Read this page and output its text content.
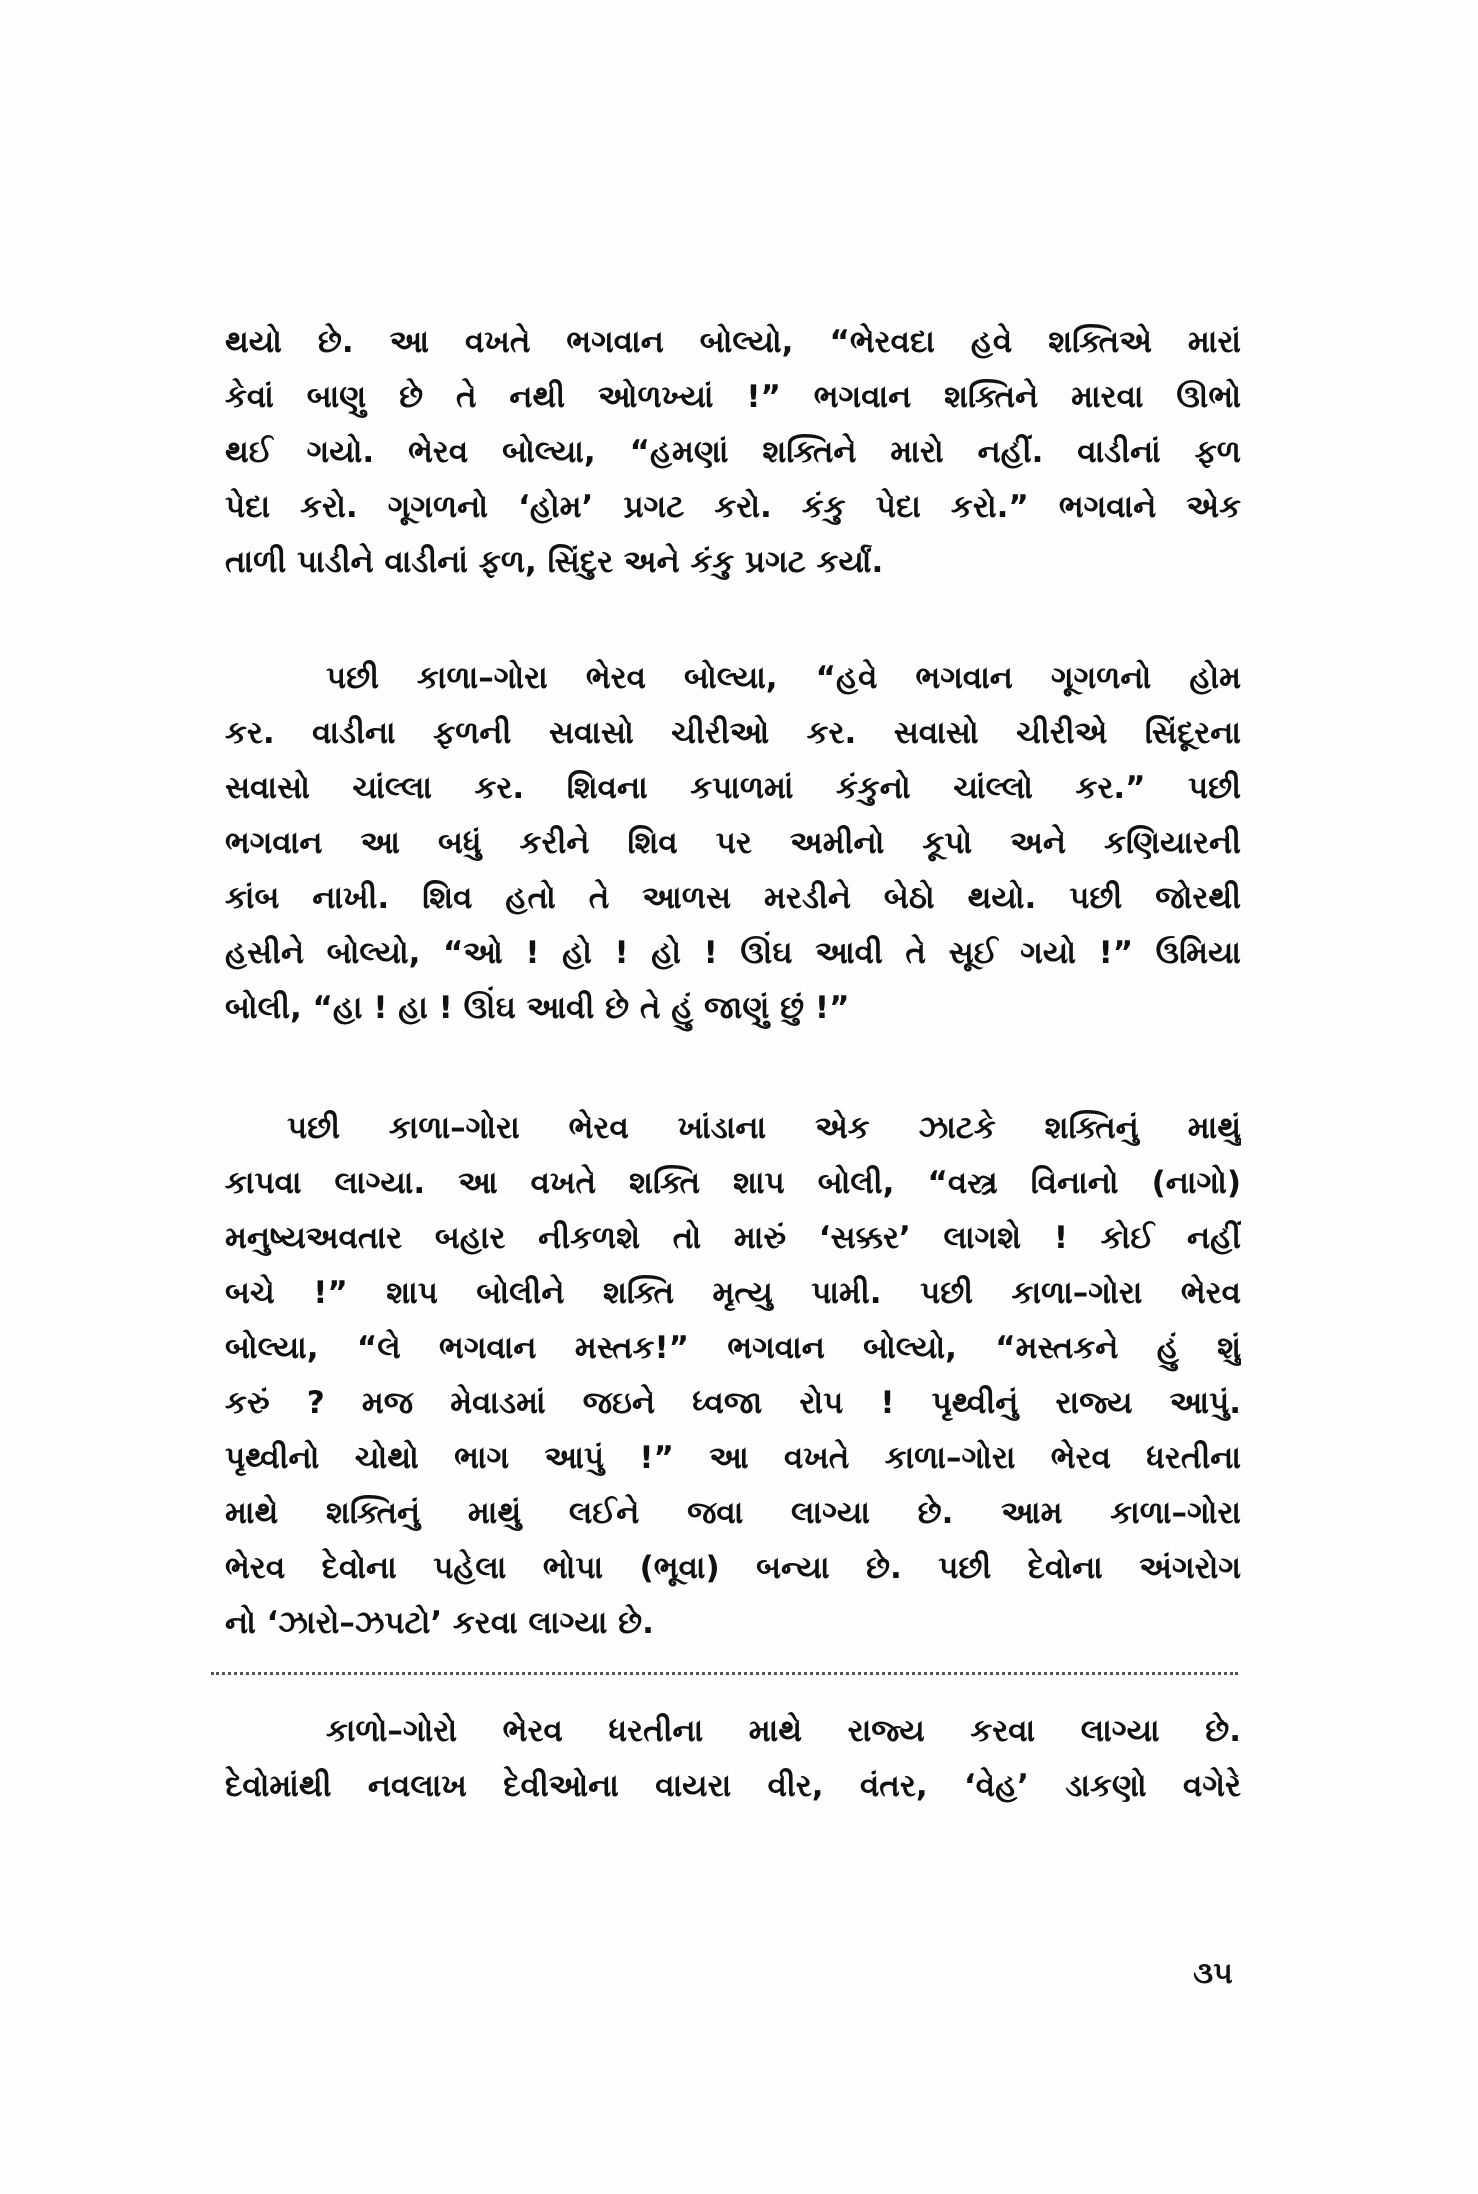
થયો છે. આ વખતે ભગવાન બોલ્યો, “ભેરવદા હવે શક્તિએ મારાં
કેવાં બાણુ છે તે નથી ઓળખ્યાં !” ભગવાન શક્તિને મારવા ઊભો
થઈ ગયો. ભેરવ બોલ્યા, “હમણાં શક્તિને મારો નહીં. વાડીનાં ફળ
પેદા કરો. ગૂગળનો ‘હોમ’ પ્રગટ કરો. કંકુ પેદા કરો.” ભગવાને એક
તાળી પાડીને વાડીનાં ફળ, સિંદુર અને કંકુ પ્રગટ કર્યાં.
પછી કાળા–ગોરા ભેરવ બોલ્યા, “હવે ભગવાન ગૂગળનો હોમ
કર. વાડીના ફળની સવાસો ચીરીઓ કર. સવાસો ચીરીએ સિંદૂરના
સવાસો ચાંલ્લા કર. શિવના કપાળમાં કંકુનો ચાંલ્લો કર.” પછી
ભગવાન આ બધું કરીને શિવ પર અમીનો કૂપો અને કણિયારની
કાંબ નાખી. શિવ હતો તે આળસ મરડીને બેઠો થયો. પછી જોરથી
હસીને બોલ્યો, “ઓ ! હો ! હો ! ઊંઘ આવી તે સૂઈ ગયો !” ઉમિયા
બોલી, “હા ! હા ! ઊંઘ આવી છે તે હું જાણું છું !”
પછી કાળા–ગોરા ભેરવ ખાંડાના એક ઝાટકે શક્તિનું માથું
કાપવા લાગ્યા. આ વખતે શક્તિ શાપ બોલી, “વસ્ત્ર વિનાનો (નાગો)
મનુષ્યઅવતાર બહાર નીકળશે તો મારું ‘સક્કર’ લાગશે ! કોઈ નહીં
બચે !” શાપ બોલીને શક્તિ મૃત્યુ પામી. પછી કાળા–ગોરા ભેરવ
બોલ્યા, “લે ભગવાન મસ્તક!” ભગવાન બોલ્યો, “મસ્તકને હું શું
કરું ? મજ મેવાડમાં જઇને ધ્વજા રોપ ! પૃથ્વીનું રાજ્ય આપું.
પૃથ્વીનો ચોથો ભાગ આપું !” આ વખતે કાળા–ગોરા ભેરવ ધરતીના
માથે શક્તિનું માથું લઈને જવા લાગ્યા છે. આમ કાળા–ગોરા
ભેરવ દેવોના પહેલા ભોપા (ભૂવા) બન્યા છે. પછી દેવોના અંગરોગ
નો ‘ઝારો–ઝપટો’ કરવા લાગ્યા છે.
કાળો–ગોરો ભેરવ ધરતીના માથે રાજ્ય કરવા લાગ્યા છે.
દેવોમાંથી નવલાખ દેવીઓના વાયરા વીર, વંતર, ‘વેહ’ ડાકણો વગેરે
૩૫
